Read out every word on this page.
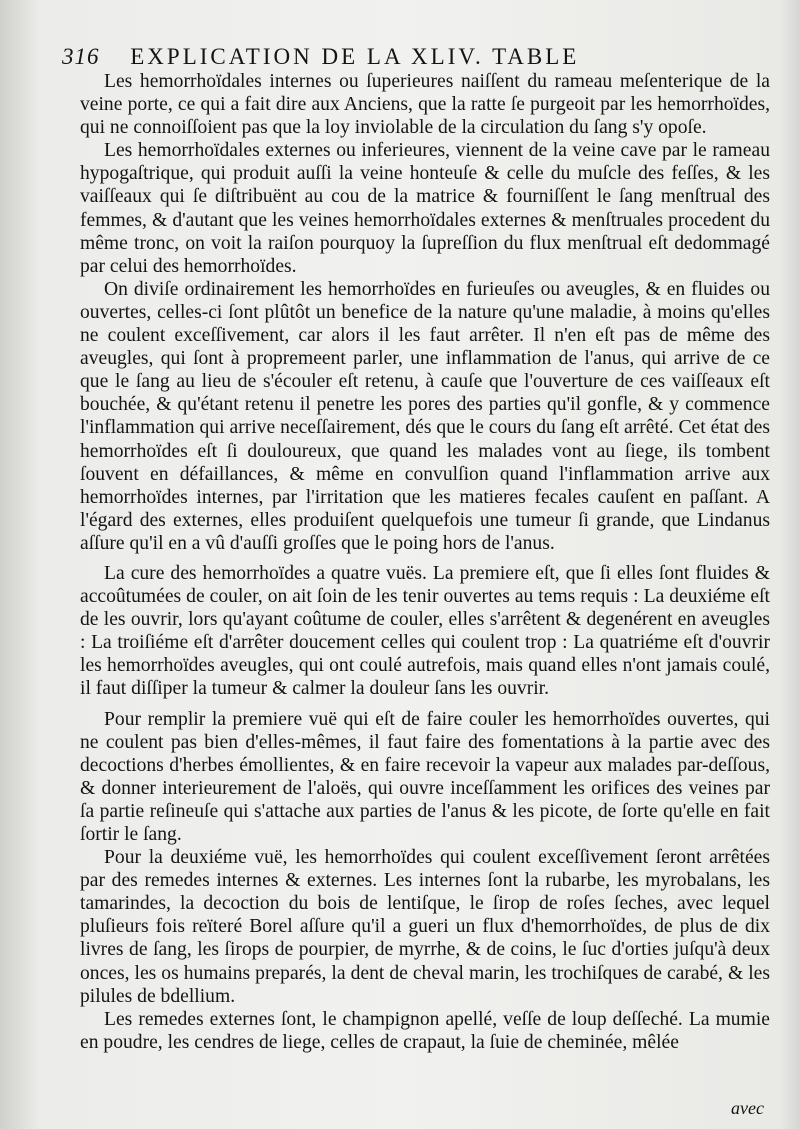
316 EXPLICATION DE LA XLIV. TABLE

Les hemorrhoïdales internes ou ſuperieures naiſſent du rameau meſenterique de la veine porte, ce qui a fait dire aux Anciens, que la ratte ſe purgeoit par les hemorrhoïdes, qui ne connoiſſoient pas que la loy inviolable de la circulation du ſang s'y opoſe.

Les hemorrhoïdales externes ou inferieures, viennent de la veine cave par le rameau hypogaſtrique, qui produit auſſi la veine honteuſe & celle du muſcle des feſſes, & les vaiſſeaux qui ſe diſtribuënt au cou de la matrice & fourniſſent le ſang menſtrual des femmes, & d'autant que les veines hemorrhoïdales externes & menſtruales procedent du même tronc, on voit la raiſon pourquoy la ſupreſſion du flux menſtrual eſt dedommagé par celui des hemorrhoïdes.

On diviſe ordinairement les hemorrhoïdes en furieuſes ou aveugles, & en fluides ou ouvertes, celles-ci ſont plûtôt un benefice de la nature qu'une maladie, à moins qu'elles ne coulent exceſſivement, car alors il les faut arrêter. Il n'en eſt pas de même des aveugles, qui ſont à propremeent parler, une inflammation de l'anus, qui arrive de ce que le ſang au lieu de s'écouler eſt retenu, à cauſe que l'ouverture de ces vaiſſeaux eſt bouchée, & qu'étant retenu il penetre les pores des parties qu'il gonfle, & y commence l'inflammation qui arrive neceſſairement, dés que le cours du ſang eſt arrêté. Cet état des hemorrhoïdes eſt ſi douloureux, que quand les malades vont au ſiege, ils tombent ſouvent en défaillances, & même en convulſion quand l'inflammation arrive aux hemorrhoïdes internes, par l'irritation que les matieres fecales cauſent en paſſant. A l'égard des externes, elles produiſent quelquefois une tumeur ſi grande, que Lindanus aſſure qu'il en a vû d'auſſi groſſes que le poing hors de l'anus.

La cure des hemorrhoïdes a quatre vuës. La premiere eſt, que ſi elles ſont fluides & accoûtumées de couler, on ait ſoin de les tenir ouvertes au tems requis : La deuxiéme eſt de les ouvrir, lors qu'ayant coûtume de couler, elles s'arrêtent & degenérent en aveugles : La troiſiéme eſt d'arrêter doucement celles qui coulent trop : La quatriéme eſt d'ouvrir les hemorrhoïdes aveugles, qui ont coulé autrefois, mais quand elles n'ont jamais coulé, il faut diſſiper la tumeur & calmer la douleur ſans les ouvrir.

Pour remplir la premiere vuë qui eſt de faire couler les hemorrhoïdes ouvertes, qui ne coulent pas bien d'elles-mêmes, il faut faire des fomentations à la partie avec des decoctions d'herbes émollientes, & en faire recevoir la vapeur aux malades par-deſſous, & donner interieurement de l'aloës, qui ouvre inceſſamment les orifices des veines par ſa partie reſineuſe qui s'attache aux parties de l'anus & les picote, de ſorte qu'elle en fait ſortir le ſang.

Pour la deuxiéme vuë, les hemorrhoïdes qui coulent exceſſivement ſeront arrêtées par des remedes internes & externes. Les internes ſont la rubarbe, les myrobalans, les tamarindes, la decoction du bois de lentiſque, le ſirop de roſes ſeches, avec lequel pluſieurs fois reïteré Borel aſſure qu'il a gueri un flux d'hemorrhoïdes, de plus de dix livres de ſang, les ſirops de pourpier, de myrrhe, & de coins, le ſuc d'orties juſqu'à deux onces, les os humains preparés, la dent de cheval marin, les trochiſques de carabé, & les pilules de bdellium.

Les remedes externes ſont, le champignon apellé, veſſe de loup deſſeché. La mumie en poudre, les cendres de liege, celles de crapaut, la ſuie de cheminée, mêlée

avec
